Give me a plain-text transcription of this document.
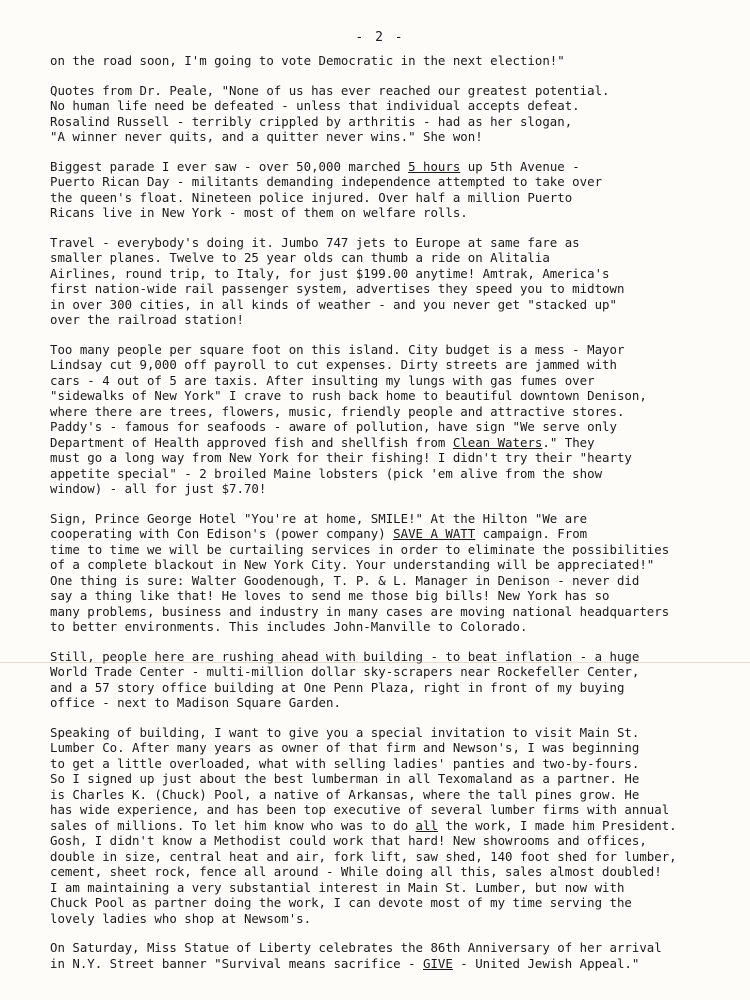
- 2 -
on the road soon, I'm going to vote Democratic in the next election!"
Quotes from Dr. Peale, "None of us has ever reached our greatest potential.
No human life need be defeated - unless that individual accepts defeat.
Rosalind Russell - terribly crippled by arthritis - had as her slogan,
"A winner never quits, and a quitter never wins." She won!
Biggest parade I ever saw - over 50,000 marched 5 hours up 5th Avenue -
Puerto Rican Day - militants demanding independence attempted to take over
the queen's float. Nineteen police injured. Over half a million Puerto
Ricans live in New York - most of them on welfare rolls.
Travel - everybody's doing it. Jumbo 747 jets to Europe at same fare as
smaller planes. Twelve to 25 year olds can thumb a ride on Alitalia
Airlines, round trip, to Italy, for just $199.00 anytime! Amtrak, America's
first nation-wide rail passenger system, advertises they speed you to midtown
in over 300 cities, in all kinds of weather - and you never get "stacked up"
over the railroad station!
Too many people per square foot on this island. City budget is a mess - Mayor
Lindsay cut 9,000 off payroll to cut expenses. Dirty streets are jammed with
cars - 4 out of 5 are taxis. After insulting my lungs with gas fumes over
"sidewalks of New York" I crave to rush back home to beautiful downtown Denison,
where there are trees, flowers, music, friendly people and attractive stores.
Paddy's - famous for seafoods - aware of pollution, have sign "We serve only
Department of Health approved fish and shellfish from Clean Waters." They
must go a long way from New York for their fishing! I didn't try their "hearty
appetite special" - 2 broiled Maine lobsters (pick 'em alive from the show
window) - all for just $7.70!
Sign, Prince George Hotel "You're at home, SMILE!" At the Hilton "We are
cooperating with Con Edison's (power company) SAVE A WATT campaign. From
time to time we will be curtailing services in order to eliminate the possibilities
of a complete blackout in New York City. Your understanding will be appreciated!"
One thing is sure: Walter Goodenough, T. P. & L. Manager in Denison - never did
say a thing like that! He loves to send me those big bills! New York has so
many problems, business and industry in many cases are moving national headquarters
to better environments. This includes John-Manville to Colorado.
Still, people here are rushing ahead with building - to beat inflation - a huge
World Trade Center - multi-million dollar sky-scrapers near Rockefeller Center,
and a 57 story office building at One Penn Plaza, right in front of my buying
office - next to Madison Square Garden.
Speaking of building, I want to give you a special invitation to visit Main St.
Lumber Co. After many years as owner of that firm and Newson's, I was beginning
to get a little overloaded, what with selling ladies' panties and two-by-fours.
So I signed up just about the best lumberman in all Texomaland as a partner. He
is Charles K. (Chuck) Pool, a native of Arkansas, where the tall pines grow. He
has wide experience, and has been top executive of several lumber firms with annual
sales of millions. To let him know who was to do all the work, I made him President.
Gosh, I didn't know a Methodist could work that hard! New showrooms and offices,
double in size, central heat and air, fork lift, saw shed, 140 foot shed for lumber,
cement, sheet rock, fence all around - While doing all this, sales almost doubled!
I am maintaining a very substantial interest in Main St. Lumber, but now with
Chuck Pool as partner doing the work, I can devote most of my time serving the
lovely ladies who shop at Newsom's.
On Saturday, Miss Statue of Liberty celebrates the 86th Anniversary of her arrival
in N.Y. Street banner "Survival means sacrifice - GIVE - United Jewish Appeal."
